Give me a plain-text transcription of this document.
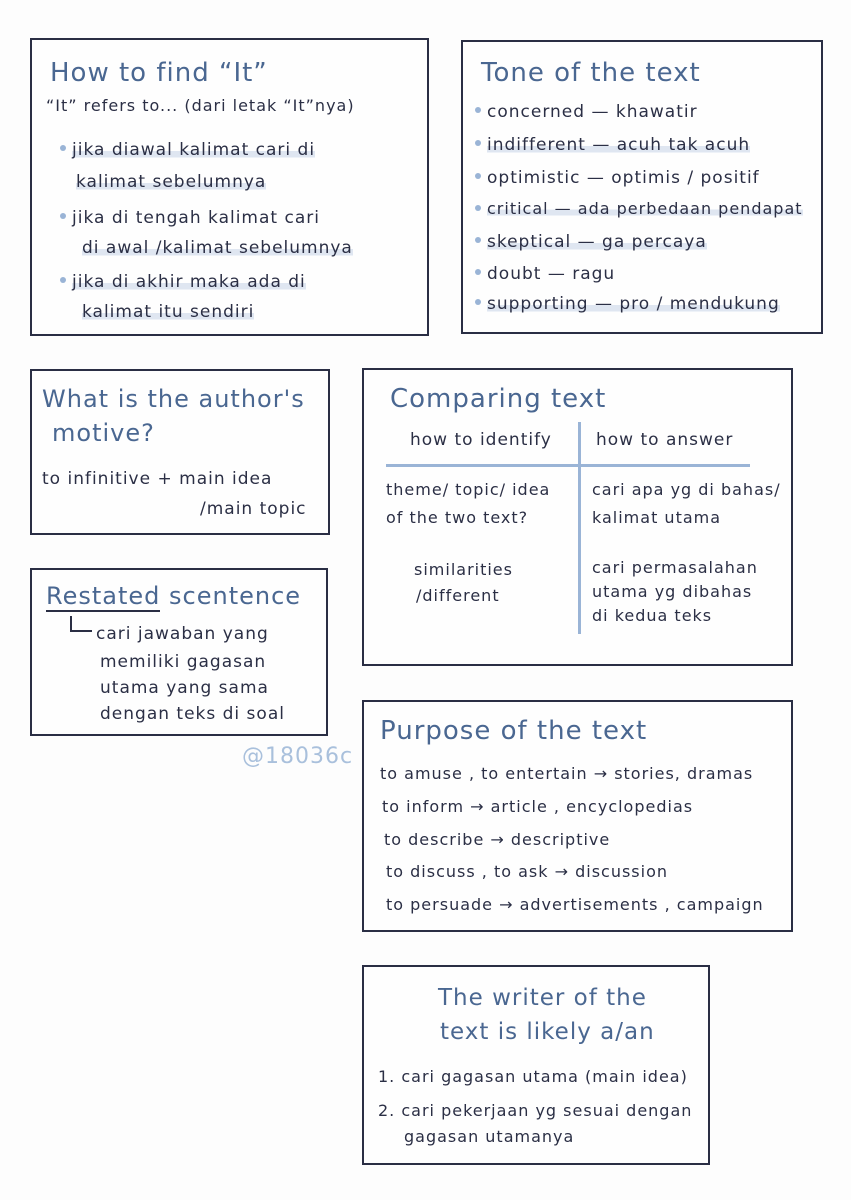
How to find “It”
“It” refers to... (dari letak “It”nya)
jika diawal kalimat cari di
kalimat sebelumnya
jika di tengah kalimat cari
di awal /kalimat sebelumnya
jika di akhir maka ada di
kalimat itu sendiri
Tone of the text
concerned — khawatir
indifferent — acuh tak acuh
optimistic — optimis / positif
critical — ada perbedaan pendapat
skeptical — ga percaya
doubt — ragu
supporting — pro / mendukung
What is the author's
motive?
to infinitive + main idea
/main topic
Comparing text
how to identify	how to answer
theme/ topic/ idea
of the two text?
cari apa yg di bahas/
kalimat utama
similarities
/different
cari permasalahan
utama yg dibahas
di kedua teks
Restated scentence
cari jawaban yang
memiliki gagasan
utama yang sama
dengan teks di soal
@18036c
Purpose of the text
to amuse , to entertain → stories, dramas
to inform → article , encyclopedias
to describe → descriptive
to discuss , to ask → discussion
to persuade → advertisements , campaign
The writer of the
text is likely a/an
1. cari gagasan utama (main idea)
2. cari pekerjaan yg sesuai dengan
gagasan utamanya
